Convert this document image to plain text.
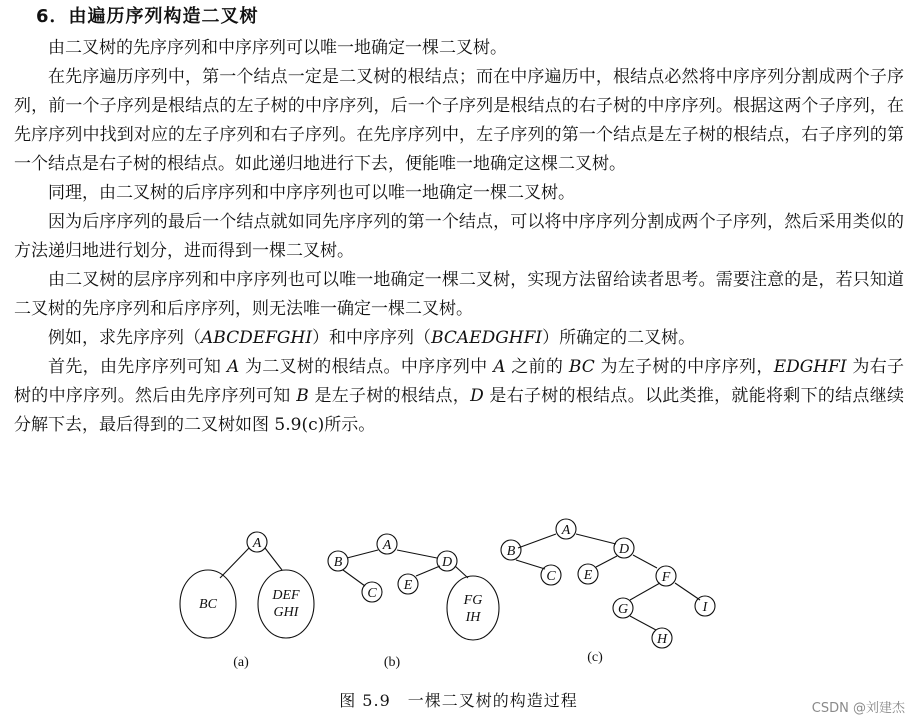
6．由遍历序列构造二叉树

由二叉树的先序序列和中序序列可以唯一地确定一棵二叉树。

在先序遍历序列中，第一个结点一定是二叉树的根结点；而在中序遍历中，根结点必然将中序序列分割成两个子序列，前一个子序列是根结点的左子树的中序序列，后一个子序列是根结点的右子树的中序序列。根据这两个子序列，在先序序列中找到对应的左子序列和右子序列。在先序序列中，左子序列的第一个结点是左子树的根结点，右子序列的第一个结点是右子树的根结点。如此递归地进行下去，便能唯一地确定这棵二叉树。

同理，由二叉树的后序序列和中序序列也可以唯一地确定一棵二叉树。

因为后序序列的最后一个结点就如同先序序列的第一个结点，可以将中序序列分割成两个子序列，然后采用类似的方法递归地进行划分，进而得到一棵二叉树。

由二叉树的层序序列和中序序列也可以唯一地确定一棵二叉树，实现方法留给读者思考。需要注意的是，若只知道二叉树的先序序列和后序序列，则无法唯一确定一棵二叉树。

例如，求先序序列（ABCDEFGHI）和中序序列（BCAEDGHFI）所确定的二叉树。

首先，由先序序列可知 A 为二叉树的根结点。中序序列中 A 之前的 BC 为左子树的中序序列，EDGHFI 为右子树的中序序列。然后由先序序列可知 B 是左子树的根结点，D 是右子树的根结点。以此类推，就能将剩下的结点继续分解下去，最后得到的二叉树如图 5.9(c)所示。

A
BC
DEF
GHI
(a)
A
B
C
D
E
FG
IH
(b)
A
B
C
D
E	F
G	I
H
(c)
图 5.9　一棵二叉树的构造过程	CSDN @刘建杰
